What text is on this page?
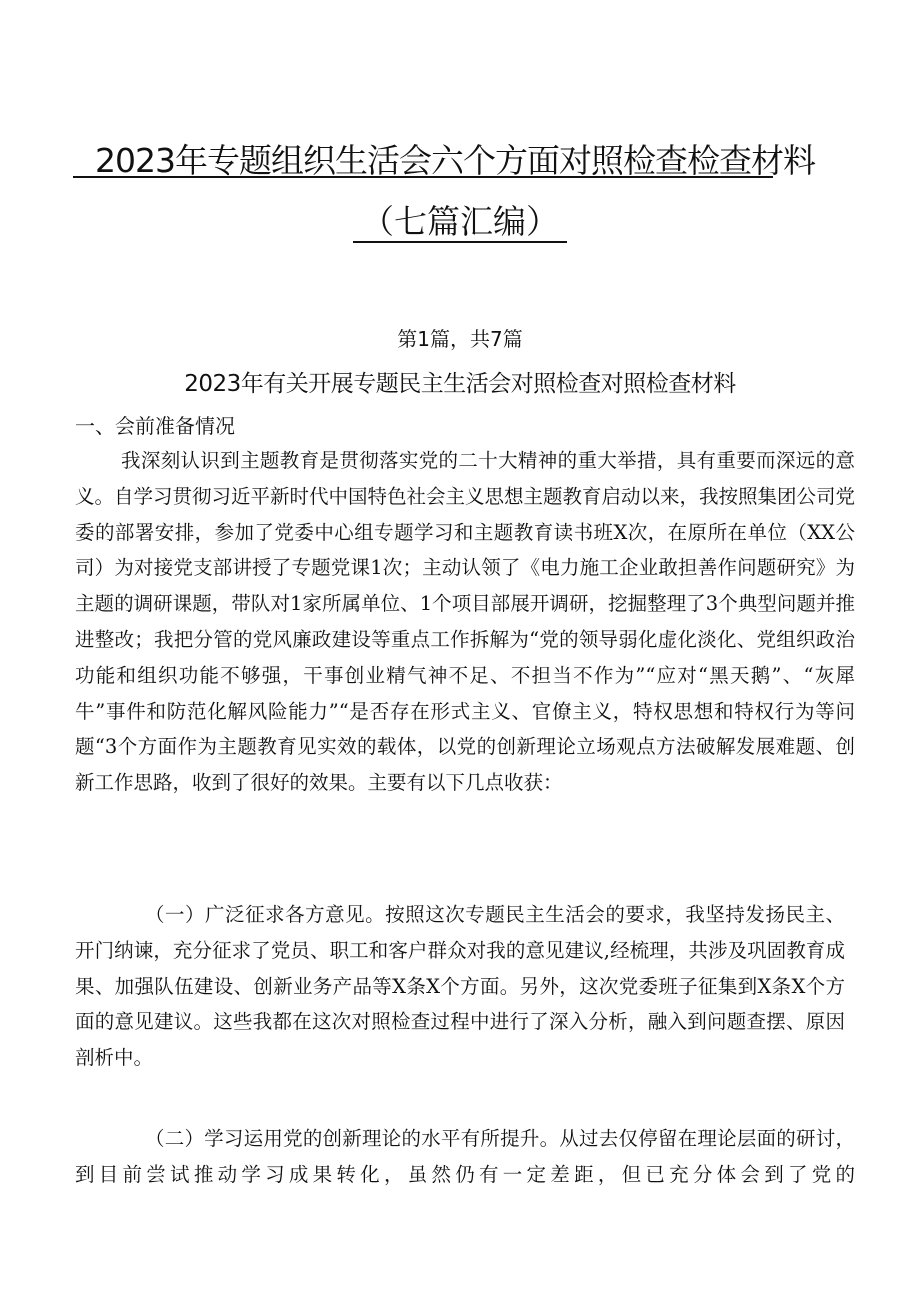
2023年专题组织生活会六个方面对照检查检查材料
（七篇汇编）
第1篇，共7篇
2023年有关开展专题民主生活会对照检查对照检查材料
一、会前准备情况

我深刻认识到主题教育是贯彻落实党的二十大精神的重大举措，具有重要而深远的意义。自学习贯彻习近平新时代中国特色社会主义思想主题教育启动以来，我按照集团公司党委的部署安排，参加了党委中心组专题学习和主题教育读书班X次，在原所在单位（XX公司）为对接党支部讲授了专题党课1次；主动认领了《电力施工企业敢担善作问题研究》为主题的调研课题，带队对1家所属单位、1个项目部展开调研，挖掘整理了3个典型问题并推进整改；我把分管的党风廉政建设等重点工作拆解为“党的领导弱化虚化淡化、党组织政治功能和组织功能不够强，干事创业精气神不足、不担当不作为”“应对“黑天鹅”、“灰犀牛”事件和防范化解风险能力”“是否存在形式主义、官僚主义，特权思想和特权行为等问题“3个方面作为主题教育见实效的载体，以党的创新理论立场观点方法破解发展难题、创新工作思路，收到了很好的效果。主要有以下几点收获：

（一）广泛征求各方意见。按照这次专题民主生活会的要求，我坚持发扬民主、开门纳谏，充分征求了党员、职工和客户群众对我的意见建议,经梳理，共涉及巩固教育成果、加强队伍建设、创新业务产品等X条X个方面。另外，这次党委班子征集到X条X个方面的意见建议。这些我都在这次对照检查过程中进行了深入分析，融入到问题查摆、原因剖析中。

（二）学习运用党的创新理论的水平有所提升。从过去仅停留在理论层面的研讨，到目前尝试推动学习成果转化，虽然仍有一定差距，但已充分体会到了党的
